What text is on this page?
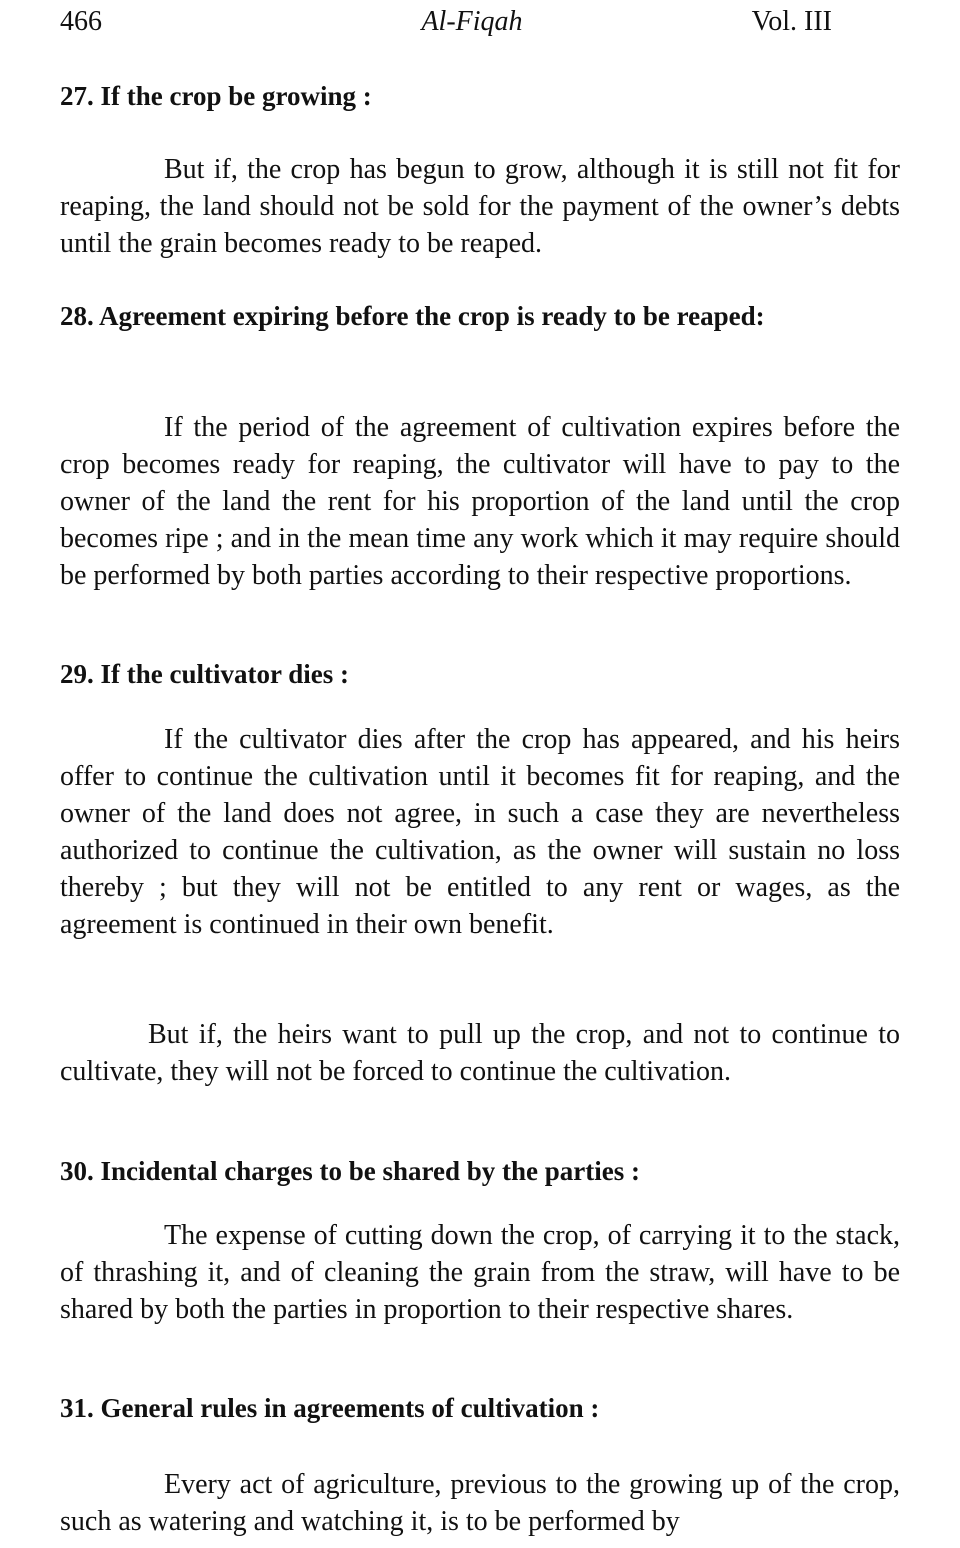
466	Al-Fiqah	Vol. III
27. If the crop be growing :

But if, the crop has begun to grow, although it is still not fit for reaping, the land should not be sold for the payment of the owner’s debts until the grain becomes ready to be reaped.

28. Agreement expiring before the crop is ready to be reaped:

If the period of the agreement of cultivation expires before the crop becomes ready for reaping, the cultivator will have to pay to the owner of the land the rent for his proportion of the land until the crop becomes ripe ; and in the mean time any work which it may require should be performed by both parties according to their respective proportions.

29. If the cultivator dies :

If the cultivator dies after the crop has appeared, and his heirs offer to continue the cultivation until it becomes fit for reaping, and the owner of the land does not agree, in such a case they are nevertheless authorized to continue the cultivation, as the owner will sustain no loss thereby ; but they will not be entitled to any rent or wages, as the agreement is continued in their own benefit.

But if, the heirs want to pull up the crop, and not to continue to cultivate, they will not be forced to continue the cultivation.

30. Incidental charges to be shared by the parties :

The expense of cutting down the crop, of carrying it to the stack, of thrashing it, and of cleaning the grain from the straw, will have to be shared by both the parties in proportion to their respective shares.

31. General rules in agreements of cultivation :

Every act of agriculture, previous to the growing up of the crop, such as watering and watching it, is to be performed by
